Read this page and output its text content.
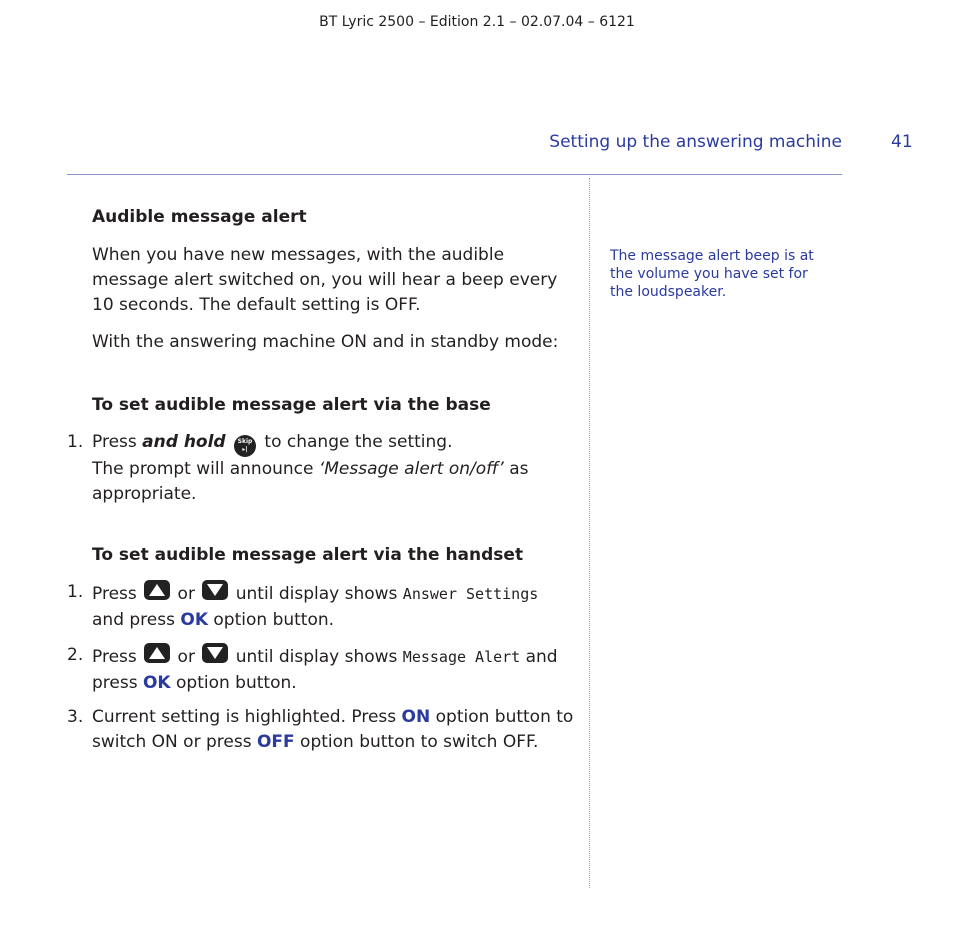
BT Lyric 2500 – Edition 2.1 – 02.07.04 – 6121
Setting up the answering machine	41
Audible message alert
When you have new messages, with the audible message alert switched on, you will hear a beep every 10 seconds. The default setting is OFF.
With the answering machine ON and in standby mode:
To set audible message alert via the base
1. Press and hold Skip
▸| to change the setting.
The prompt will announce ‘Message alert on/off’ as appropriate.
To set audible message alert via the handset
1. Press  or  until display shows Answer Settings
and press OK option button.
2. Press  or  until display shows Message Alert and press OK option button.
3. Current setting is highlighted. Press ON option button to switch ON or press OFF option button to switch OFF.
The message alert beep is at the volume you have set for the loudspeaker.
